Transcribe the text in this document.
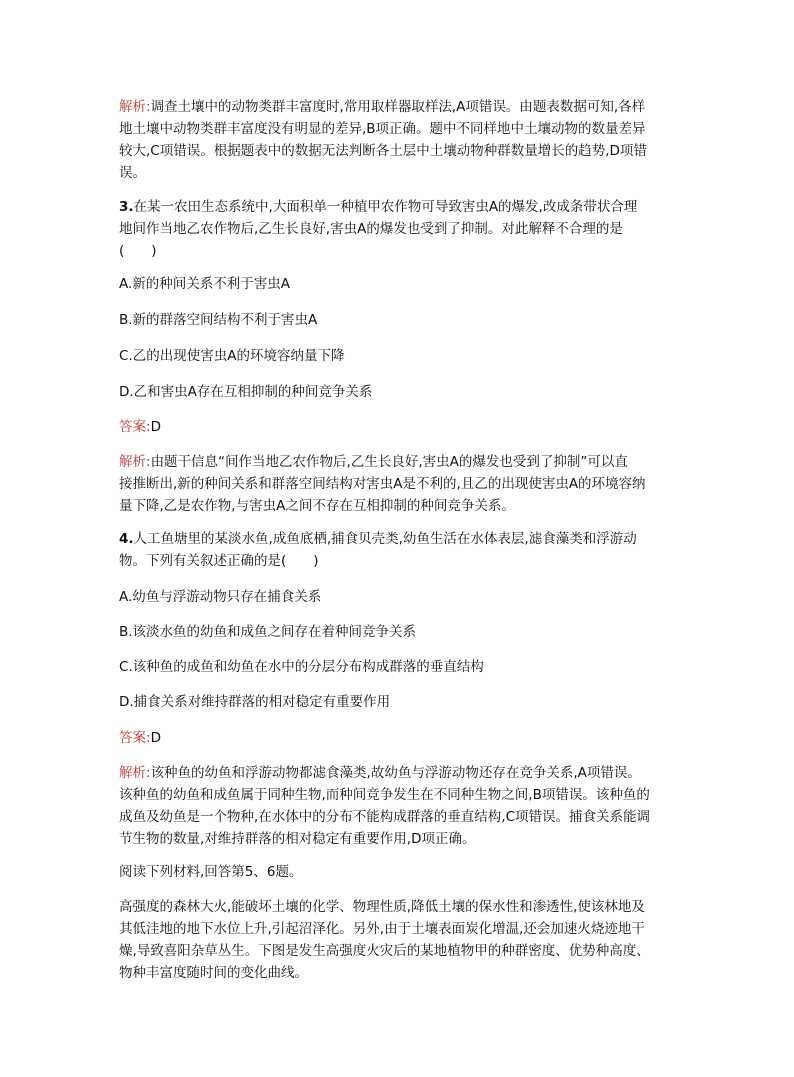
解析:调查土壤中的动物类群丰富度时,常用取样器取样法,A项错误。由题表数据可知,各样
地土壤中动物类群丰富度没有明显的差异,B项正确。题中不同样地中土壤动物的数量差异
较大,C项错误。根据题表中的数据无法判断各土层中土壤动物种群数量增长的趋势,D项错
误。
3.在某一农田生态系统中,大面积单一种植甲农作物可导致害虫A的爆发,改成条带状合理
地间作当地乙农作物后,乙生长良好,害虫A的爆发也受到了抑制。对此解释不合理的是
(　　)
A.新的种间关系不利于害虫A
B.新的群落空间结构不利于害虫A
C.乙的出现使害虫A的环境容纳量下降
D.乙和害虫A存在互相抑制的种间竞争关系
答案:D
解析:由题干信息“间作当地乙农作物后,乙生长良好,害虫A的爆发也受到了抑制”可以直
接推断出,新的种间关系和群落空间结构对害虫A是不利的,且乙的出现使害虫A的环境容纳
量下降,乙是农作物,与害虫A之间不存在互相抑制的种间竞争关系。
4.人工鱼塘里的某淡水鱼,成鱼底栖,捕食贝壳类,幼鱼生活在水体表层,滤食藻类和浮游动
物。下列有关叙述正确的是(　　)
A.幼鱼与浮游动物只存在捕食关系
B.该淡水鱼的幼鱼和成鱼之间存在着种间竞争关系
C.该种鱼的成鱼和幼鱼在水中的分层分布构成群落的垂直结构
D.捕食关系对维持群落的相对稳定有重要作用
答案:D
解析:该种鱼的幼鱼和浮游动物都滤食藻类,故幼鱼与浮游动物还存在竞争关系,A项错误。
该种鱼的幼鱼和成鱼属于同种生物,而种间竞争发生在不同种生物之间,B项错误。该种鱼的
成鱼及幼鱼是一个物种,在水体中的分布不能构成群落的垂直结构,C项错误。捕食关系能调
节生物的数量,对维持群落的相对稳定有重要作用,D项正确。
阅读下列材料,回答第5、6题。
高强度的森林大火,能破坏土壤的化学、物理性质,降低土壤的保水性和渗透性,使该林地及
其低洼地的地下水位上升,引起沼泽化。另外,由于土壤表面炭化增温,还会加速火烧迹地干
燥,导致喜阳杂草丛生。下图是发生高强度火灾后的某地植物甲的种群密度、优势种高度、
物种丰富度随时间的变化曲线。
